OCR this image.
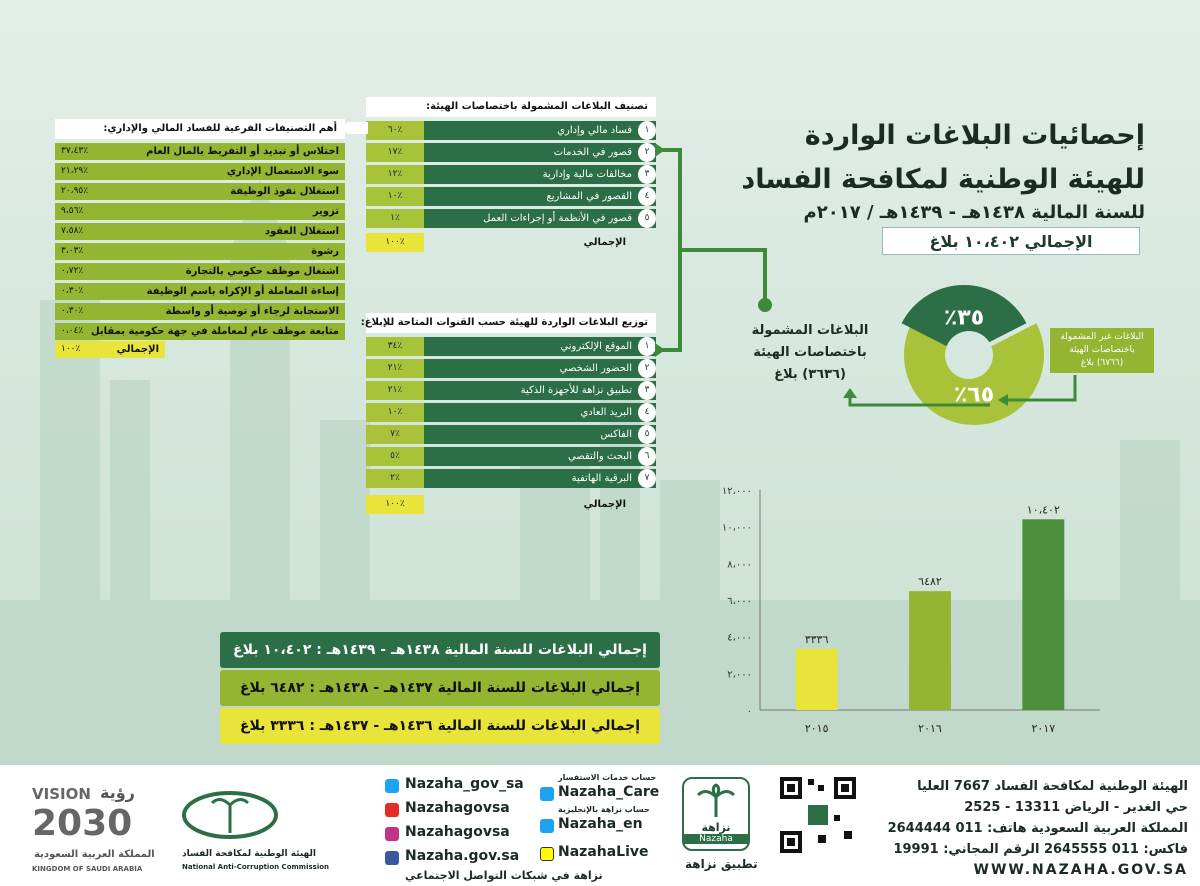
إحصائيات البلاغات الواردة
للهيئة الوطنية لمكافحة الفساد
للسنة المالية ١٤٣٨هـ - ١٤٣٩هـ / ٢٠١٧م
الإجمالي ١٠،٤٠٢ بلاغ
تصنيف البلاغات المشمولة باختصاصات الهيئة:
١
فساد مالي وإداري
٪٦٠
٢
قصور في الخدمات
٪١٧
٣
مخالفات مالية وإدارية
٪١٢
٤
القصور في المشاريع
٪١٠
٥
قصور في الأنظمة أو إجراءات العمل
٪١
الإجمالي
٪١٠٠
أهم التصنيفات الفرعية للفساد المالي والإداري:
اختلاس أو تبديد أو التفريط بالمال العام
٪٣٧،٤٣
سوء الاستعمال الإداري
٪٢١،٢٩
استغلال نفوذ الوظيفة
٪٢٠،٩٥
تزوير
٪٩،٥٦
استغلال العقود
٪٧،٥٨
رشوة
٪٣،٠٣
اشتغال موظف حكومي بالتجارة
٪٠،٧٢
إساءة المعاملة أو الإكراه باسم الوظيفة
٪٠،٣٠
الاستجابة لرجاء أو توصية أو واسطة
٪٠،٣٠
متابعة موظف عام لمعاملة في جهة حكومية بمقابل
٪٠،٠٤
الإجمالي
٪١٠٠
توزيع البلاغات الواردة للهيئة حسب القنوات المتاحة للإبلاغ:
١
الموقع الإلكتروني
٪٣٤
٢
الحضور الشخصي
٪٢١
٣
تطبيق نزاهة للأجهزة الذكية
٪٢١
٤
البريد العادي
٪١٠
٥
الفاكس
٪٧
٦
البحث والتقصي
٪٥
٧
البرقية الهاتفية
٪٢
الإجمالي
٪١٠٠
البلاغات المشمولة
باختصاصات الهيئة
(٣٦٣٦) بلاغ
٪٦٥
٪٣٥
البلاغات غير المشمولة
باختصاصات الهيئة
(٦٧٦٦) بلاغ
٠
٢،٠٠٠
٤،٠٠٠
٦،٠٠٠
٨،٠٠٠
١٠،٠٠٠
١٢،٠٠٠
٣٣٣٦
٢٠١٥
٦٤٨٢
٢٠١٦
١٠،٤٠٢
٢٠١٧
إجمالي البلاغات للسنة المالية ١٤٣٨هـ - ١٤٣٩هـ : ١٠،٤٠٢ بلاغ
إجمالي البلاغات للسنة المالية ١٤٣٧هـ - ١٤٣٨هـ : ٦٤٨٢ بلاغ
إجمالي البلاغات للسنة المالية ١٤٣٦هـ - ١٤٣٧هـ : ٣٣٣٦ بلاغ
الهيئة الوطنية لمكافحة الفساد 7667 العليا
حي الغدير - الرياض 13311 - 2525
المملكة العربية السعودية هاتف: 011 2644444
فاكس: 011 2645555 الرقم المجاني: 19991
WWW.NAZAHA.GOV.SA
نزاهة
Nazaha
تطبيق نزاهة
حساب خدمات الاستفسار
Nazaha_Care
حساب نزاهة بالإنجليزية
Nazaha_en
NazahaLive
Nazaha_gov_sa
Nazahagovsa
Nazahagovsa
Nazaha.gov.sa
نزاهة في شبكات التواصل الاجتماعي
الهيئة الوطنية لمكافحة الفساد
National Anti-Corruption Commission
VISION رؤية
2030
المملكة العربية السعودية
KINGDOM OF SAUDI ARABIA
